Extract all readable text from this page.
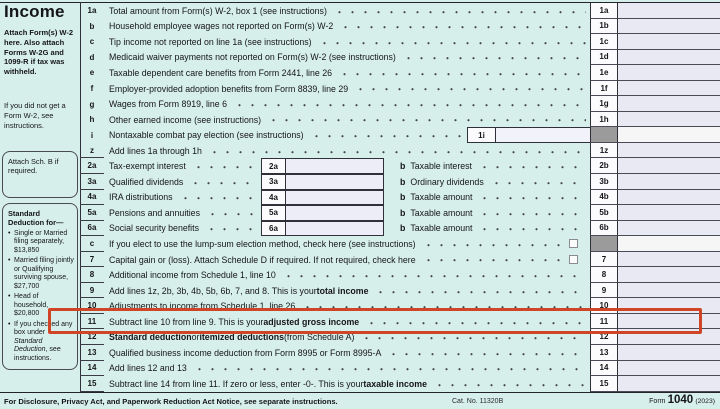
Income
Attach Form(s) W-2 here. Also attach Forms W-2G and 1099-R if tax was withheld.
If you did not get a Form W-2, see instructions.
Attach Sch. B if required.
Standard Deduction for—
• Single or Married filing separately, $13,850
• Married filing jointly or Qualifying surviving spouse, $27,700
• Head of household, $20,800
• If you checked any box under Standard Deduction, see instructions.
1a	Total amount from Form(s) W-2, box 1 (see instructions)	1a
b	Household employee wages not reported on Form(s) W-2	1b
c	Tip income not reported on line 1a (see instructions)	1c
d	Medicaid waiver payments not reported on Form(s) W-2 (see instructions)	1d
e	Taxable dependent care benefits from Form 2441, line 26	1e
f	Employer-provided adoption benefits from Form 8839, line 29	1f
g	Wages from Form 8919, line 6	1g
h	Other earned income (see instructions)	1h
i	Nontaxable combat pay election (see instructions)	1i
z	Add lines 1a through 1h	1z
2a	Tax-exempt interest	2a	b Taxable interest	2b
3a	Qualified dividends	3a	b Ordinary dividends	3b
4a	IRA distributions	4a	b Taxable amount	4b
5a	Pensions and annuities	5a	b Taxable amount	5b
6a	Social security benefits	6a	b Taxable amount	6b
c	If you elect to use the lump-sum election method, check here (see instructions)
7	Capital gain or (loss). Attach Schedule D if required. If not required, check here	7
8	Additional income from Schedule 1, line 10	8
9	Add lines 1z, 2b, 3b, 4b, 5b, 6b, 7, and 8. This is your total income	9
10	Adjustments to income from Schedule 1, line 26	10
11	Subtract line 10 from line 9. This is your adjusted gross income	11
12	Standard deduction or itemized deductions (from Schedule A)	12
13	Qualified business income deduction from Form 8995 or Form 8995-A	13
14	Add lines 12 and 13	14
15	Subtract line 14 from line 11. If zero or less, enter -0-. This is your taxable income	15
For Disclosure, Privacy Act, and Paperwork Reduction Act Notice, see separate instructions.	Cat. No. 11320B	Form 1040 (2023)
